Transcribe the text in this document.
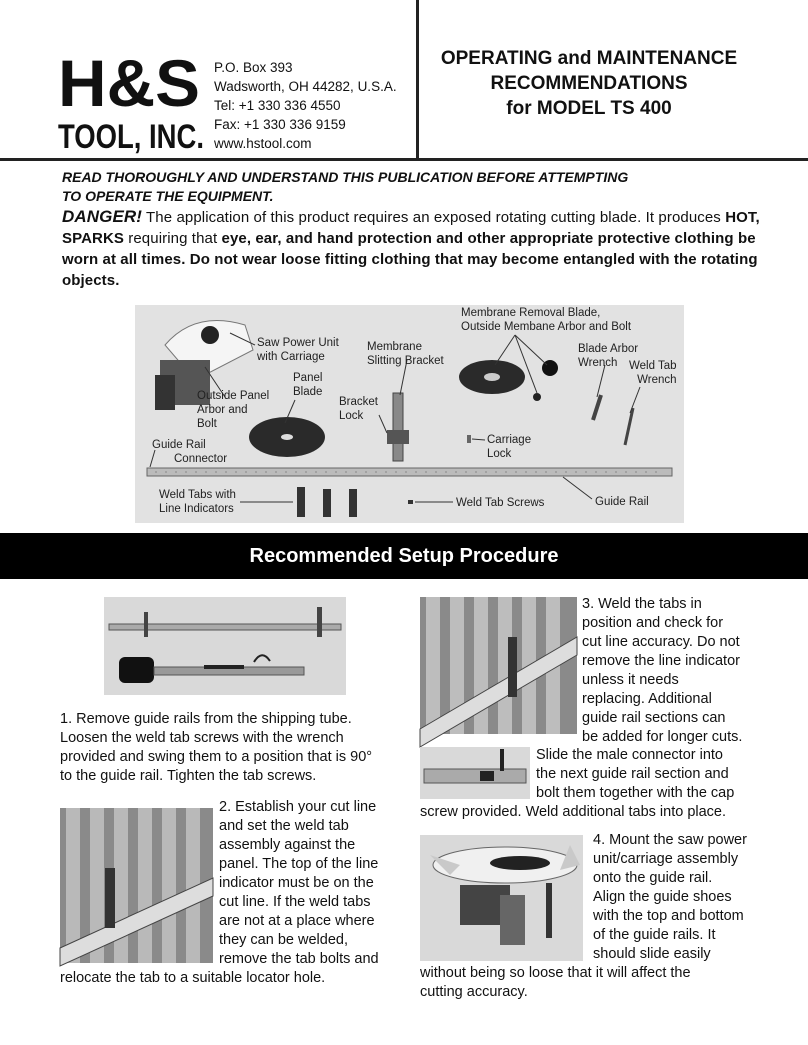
H&S
TOOL, INC.
P.O. Box 393
Wadsworth, OH 44282, U.S.A.
Tel: +1 330 336 4550
Fax: +1 330 336 9159
www.hstool.com
OPERATING and MAINTENANCE
RECOMMENDATIONS
for MODEL TS 400
READ THOROUGHLY AND UNDERSTAND THIS PUBLICATION BEFORE ATTEMPTING
TO OPERATE THE EQUIPMENT.
DANGER! The application of this product requires an exposed rotating cutting blade. It produces HOT, SPARKS requiring that eye, ear, and hand protection and other appropriate protective clothing be worn at all times. Do not wear loose fitting clothing that may become entangled with the rotating objects.
Saw Power Unit
with Carriage
Outside Panel
Arbor and
Bolt
Panel
Blade
Membrane
Slitting Bracket
Bracket
Lock
Membrane Removal Blade,
Outside Membane Arbor and Bolt
Blade Arbor
Wrench	Weld Tab
Wrench
Guide Rail
Connector
Carriage
Lock
Weld Tabs with
Line Indicators	Weld Tab Screws	Guide Rail
Recommended Setup Procedure
1. Remove guide rails from the shipping tube.
Loosen the weld tab screws with the wrench
provided and swing them to a position that is 90°
to the guide rail. Tighten the tab screws.
2. Establish your cut line
and set the weld tab
assembly against the
panel. The top of the line
indicator must be on the
cut line. If the weld tabs
are not at a place where
they can be welded,
remove the tab bolts and
relocate the tab to a suitable locator hole.
3. Weld the tabs in
position and check for
cut line accuracy. Do not
remove the line indicator
unless it needs
replacing. Additional
guide rail sections can
be added for longer cuts.
Slide the male connector into
the next guide rail section and
bolt them together with the cap
screw provided. Weld additional tabs into place.
4. Mount the saw power
unit/carriage assembly
onto the guide rail.
Align the guide shoes
with the top and bottom
of the guide rails. It
should slide easily
without being so loose that it will affect the
cutting accuracy.
